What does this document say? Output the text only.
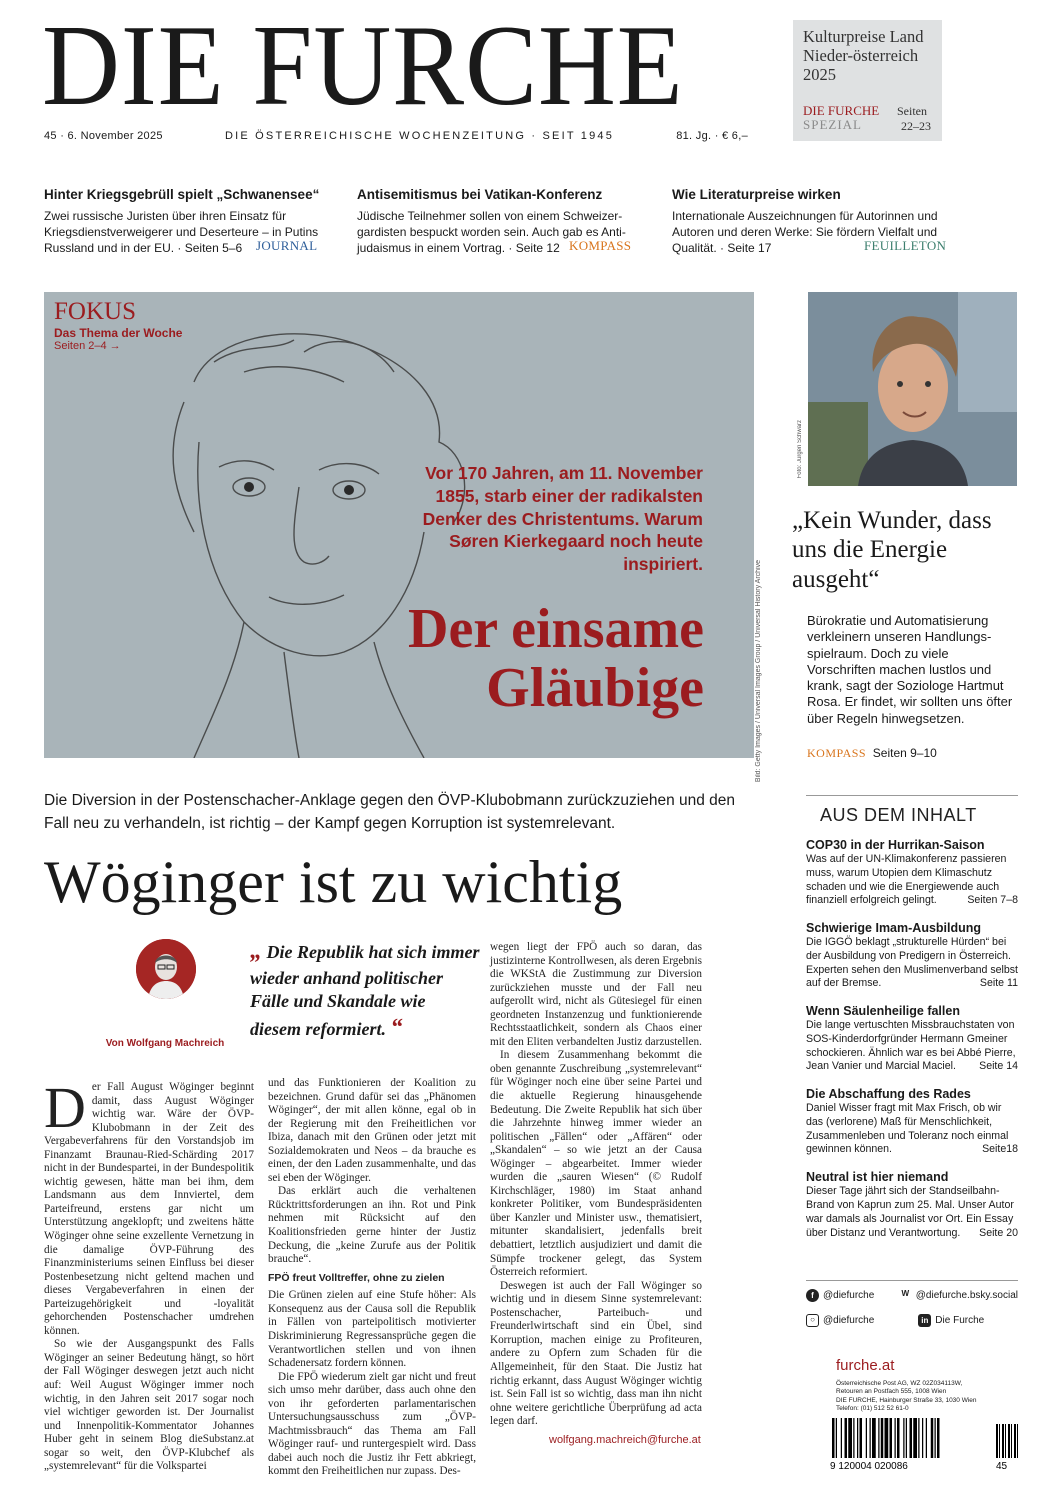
DIE FURCHE
45 · 6. November 2025	DIE ÖSTERREICHISCHE WOCHENZEITUNG · SEIT 1945	81. Jg. · € 6,–
Kulturpreise Land Nieder-österreich 2025
DIE FURCHE
SPEZIAL
Seiten
22–23
Hinter Kriegsgebrüll spielt „Schwanensee“

Zwei russische Juristen über ihren Einsatz für Kriegsdienstverweigerer und Deserteure – in Putins Russland und in der EU. · Seiten 5–6	JOURNAL
Antisemitismus bei Vatikan-Konferenz

Jüdische Teilnehmer sollen von einem Schweizer-gardisten bespuckt worden sein. Auch gab es Anti-judaismus in einem Vortrag. · Seite 12 KOMPASS
Wie Literaturpreise wirken

Internationale Auszeichnungen für Autorinnen und Autoren und deren Werke: Sie fördern Vielfalt und Qualität. · Seite 17	FEUILLETON
FOKUS
Das Thema der Woche
Seiten 2–4 →
Vor 170 Jahren, am 11. November 1855, starb einer der radikalsten Denker des Christentums. Warum Søren Kierkegaard noch heute inspiriert.
Der einsame Gläubige	Bild: Getty Images / Universal Images Group / Universal History Archive
Foto: Jürgen Schwarz
„Kein Wunder, dass uns die Energie ausgeht“
Bürokratie und Automatisierung verkleinern unseren Handlungs-spielraum. Doch zu viele Vorschriften machen lustlos und krank, sagt der Soziologe Hartmut Rosa. Er findet, wir sollten uns öfter über Regeln hinwegsetzen.
KOMPASS Seiten 9–10
AUS DEM INHALT
COP30 in der Hurrikan-Saison

Was auf der UN-Klimakonferenz passieren muss, warum Utopien dem Klimaschutz schaden und wie die Energiewende auch finanziell erfolgreich gelingt.	Seiten 7–8

Schwierige Imam-Ausbildung

Die IGGÖ beklagt „strukturelle Hürden“ bei der Ausbildung von Predigern in Österreich. Experten sehen den Muslimenverband selbst auf der Bremse.	Seite 11

Wenn Säulenheilige fallen

Die lange vertuschten Missbrauchstaten von SOS-Kinderdorfgründer Hermann Gmeiner schockieren. Ähnlich war es bei Abbé Pierre, Jean Vanier und Marcial Maciel. Seite 14

Die Abschaffung des Rades

Daniel Wisser fragt mit Max Frisch, ob wir das (verlorene) Maß für Menschlichkeit, Zusammenleben und Toleranz noch einmal gewinnen können.	Seite18

Neutral ist hier niemand

Dieser Tage jährt sich der Standseilbahn-Brand von Kaprun zum 25. Mal. Unser Autor war damals als Journalist vor Ort. Ein Essay über Distanz und Verantwortung. Seite 20

f @diefurche ᵂ @diefurche.bsky.social
○ @diefurche	in Die Furche
furche.at
Österreichische Post AG, WZ 02Z034113W,
Retouren an Postfach 555, 1008 Wien
DIE FURCHE, Hainburger Straße 33, 1030 Wien
Telefon: (01) 512 52 61-0
9 120004 020086	45
Die Diversion in der Postenschacher-Anklage gegen den ÖVP-Klubobmann zurückzuziehen und den Fall neu zu verhandeln, ist richtig – der Kampf gegen Korruption ist systemrelevant.
Wöginger ist zu wichtig
Von Wolfgang Machreich
„ Die Republik hat sich immer wieder anhand politischer Fälle und Skandale wie diesem reformiert. “
D er Fall August Wöginger beginnt damit, dass August Wöginger wichtig war. Wäre der ÖVP-Klubobmann in der Zeit des Vergabeverfahrens für den Vorstandsjob im Finanzamt Braunau-Ried-Schärding 2017 nicht in der Bundespartei, in der Bundespolitik wichtig gewesen, hätte man bei ihm, dem Landsmann aus dem Innviertel, dem Parteifreund, erstens gar nicht um Unterstützung angeklopft; und zweitens hätte Wöginger ohne seine exzellente Vernetzung in die damalige ÖVP-Führung des Finanzministeriums seinen Einfluss bei dieser Postenbesetzung nicht geltend machen und dieses Vergabeverfahren in einen der Parteizugehörigkeit und -loyalität gehorchenden Postenschacher umdrehen können.

So wie der Ausgangspunkt des Falls Wöginger an seiner Bedeutung hängt, so hört der Fall Wöginger deswegen jetzt auch nicht auf: Weil August Wöginger immer noch wichtig, in den Jahren seit 2017 sogar noch viel wichtiger geworden ist. Der Journalist und Innenpolitik-Kommentator Johannes Huber geht in seinem Blog dieSubstanz.at sogar so weit, den ÖVP-Klubchef als „systemrelevant“ für die Volkspartei

und das Funktionieren der Koalition zu bezeichnen. Grund dafür sei das „Phänomen Wöginger“, der mit allen könne, egal ob in der Regierung mit den Freiheitlichen vor Ibiza, danach mit den Grünen oder jetzt mit Sozialdemokraten und Neos – da brauche es einen, der den Laden zusammenhalte, und das sei eben der Wöginger.

Das erklärt auch die verhaltenen Rücktrittsforderungen an ihn. Rot und Pink nehmen mit Rücksicht auf den Koalitionsfrieden gerne hinter der Justiz Deckung, die „keine Zurufe aus der Politik brauche“.

FPÖ freut Volltreffer, ohne zu zielen

Die Grünen zielen auf eine Stufe höher: Als Konsequenz aus der Causa soll die Republik in Fällen von parteipolitisch motivierter Diskriminierung Regressansprüche gegen die Verantwortlichen stellen und von ihnen Schadenersatz fordern können.

Die FPÖ wiederum zielt gar nicht und freut sich umso mehr darüber, dass auch ohne den von ihr geforderten parlamentarischen Untersuchungsausschuss zum „ÖVP-Machtmissbrauch“ das Thema am Fall Wöginger rauf- und runtergespielt wird. Dass dabei auch noch die Justiz ihr Fett abkriegt, kommt den Freiheitlichen nur zupass. Des-

wegen liegt der FPÖ auch so daran, das justizinterne Kontrollwesen, als deren Ergebnis die WKStA die Zustimmung zur Diversion zurückziehen musste und der Fall neu aufgerollt wird, nicht als Gütesiegel für einen geordneten Instanzenzug und funktionierende Rechtsstaatlichkeit, sondern als Chaos einer mit den Eliten verbandelten Justiz darzustellen.

In diesem Zusammenhang bekommt die oben genannte Zuschreibung „systemrelevant“ für Wöginger noch eine über seine Partei und die aktuelle Regierung hinausgehende Bedeutung. Die Zweite Republik hat sich über die Jahrzehnte hinweg immer wieder an politischen „Fällen“ oder „Affären“ oder „Skandalen“ – so wie jetzt an der Causa Wöginger – abgearbeitet. Immer wieder wurden die „sauren Wiesen“ (© Rudolf Kirchschläger, 1980) im Staat anhand konkreter Politiker, vom Bundespräsidenten über Kanzler und Minister usw., thematisiert, mitunter skandalisiert, jedenfalls breit debattiert, letztlich ausjudiziert und damit die Sümpfe trockener gelegt, das System Österreich reformiert.

Deswegen ist auch der Fall Wöginger so wichtig und in diesem Sinne systemrelevant: Postenschacher, Parteibuch- und Freunderlwirtschaft sind ein Übel, sind Korruption, machen einige zu Profiteuren, andere zu Opfern zum Schaden für die Allgemeinheit, für den Staat. Die Justiz hat richtig erkannt, dass August Wöginger wichtig ist. Sein Fall ist so wichtig, dass man ihn nicht ohne weitere gerichtliche Überprüfung ad acta legen darf.

wolfgang.machreich@furche.at
